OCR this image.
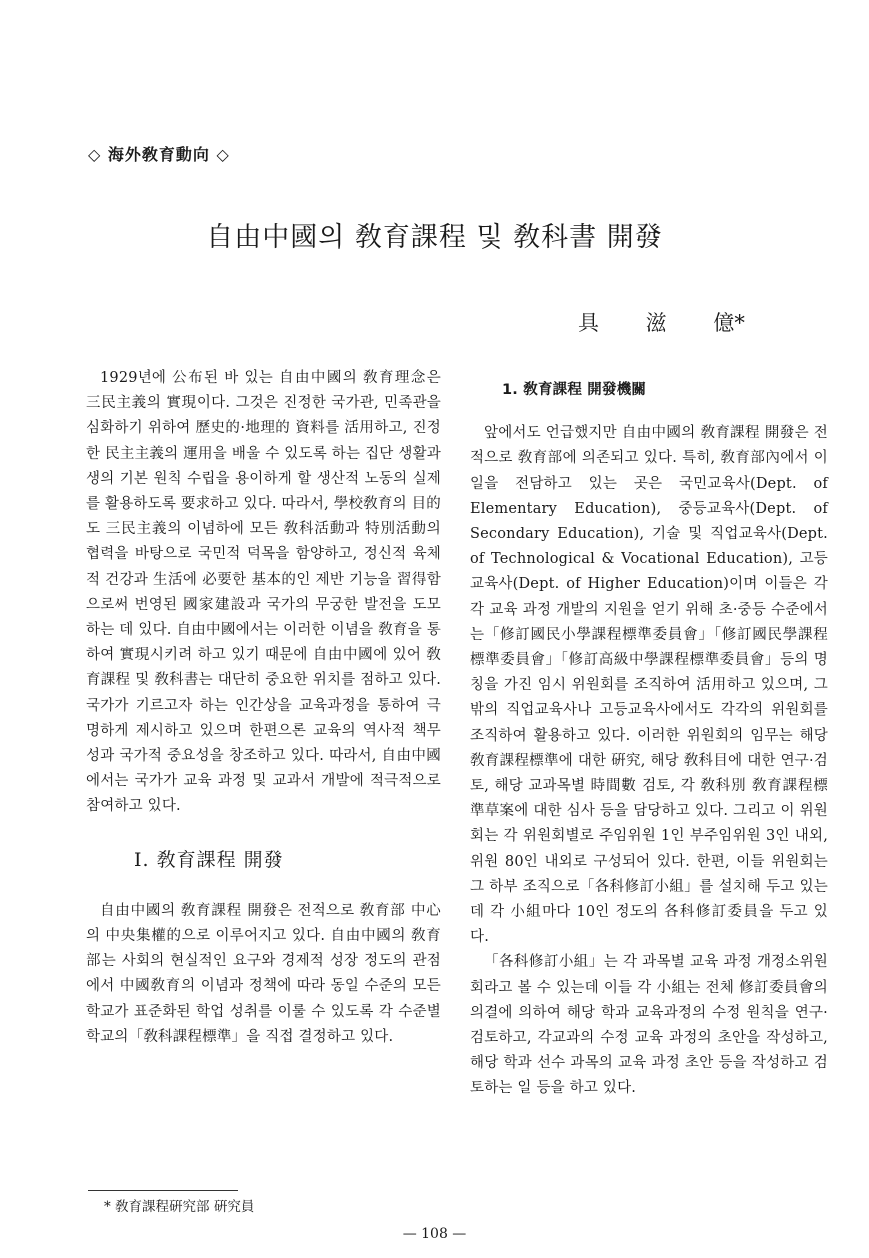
◇ 海外敎育動向 ◇
自由中國의 敎育課程 및 敎科書 開發
具 滋 億*

1929년에 公布된 바 있는 自由中國의 敎育理念은 三民主義의 實現이다. 그것은 진정한 국가관, 민족관을 심화하기 위하여 歷史的·地理的 資料를 活用하고, 진정한 民主主義의 運用을 배울 수 있도록 하는 집단 생활과 생의 기본 원칙 수립을 용이하게 할 생산적 노동의 실제를 활용하도록 要求하고 있다. 따라서, 學校敎育의 目的도 三民主義의 이념하에 모든 敎科活動과 特別活動의 협력을 바탕으로 국민적 덕목을 함양하고, 정신적 육체적 건강과 生活에 必要한 基本的인 제반 기능을 習得함으로써 번영된 國家建設과 국가의 무궁한 발전을 도모하는 데 있다. 自由中國에서는 이러한 이념을 敎育을 통하여 實現시키려 하고 있기 때문에 自由中國에 있어 敎育課程 및 敎科書는 대단히 중요한 위치를 점하고 있다. 국가가 기르고자 하는 인간상을 교육과정을 통하여 극명하게 제시하고 있으며 한편으론 교육의 역사적 책무성과 국가적 중요성을 창조하고 있다. 따라서, 自由中國에서는 국가가 교육 과정 및 교과서 개발에 적극적으로 참여하고 있다.

I. 敎育課程 開發

自由中國의 敎育課程 開發은 전적으로 敎育部 中心의 中央集權的으로 이루어지고 있다. 自由中國의 敎育部는 사회의 현실적인 요구와 경제적 성장 정도의 관점에서 中國敎育의 이념과 정책에 따라 동일 수준의 모든 학교가 표준화된 학업 성취를 이룰 수 있도록 각 수준별 학교의「敎科課程標準」을 직접 결정하고 있다.

1. 敎育課程 開發機關

앞에서도 언급했지만 自由中國의 敎育課程 開發은 전적으로 敎育部에 의존되고 있다. 특히, 敎育部內에서 이 일을 전담하고 있는 곳은 국민교육사(Dept. of Elementary Education), 중등교육사(Dept. of Secondary Education), 기술 및 직업교육사(Dept. of Technological & Vocational Education), 고등교육사(Dept. of Higher Education)이며 이들은 각각 교육 과정 개발의 지원을 얻기 위해 초·중등 수준에서는「修訂國民小學課程標準委員會」「修訂國民學課程標準委員會」「修訂高級中學課程標準委員會」등의 명칭을 가진 임시 위원회를 조직하여 活用하고 있으며, 그 밖의 직업교육사나 고등교육사에서도 각각의 위원회를 조직하여 활용하고 있다. 이러한 위원회의 임무는 해당 敎育課程標準에 대한 硏究, 해당 敎科目에 대한 연구·검토, 해당 교과목별 時間數 검토, 각 敎科別 敎育課程標準草案에 대한 심사 등을 담당하고 있다. 그리고 이 위원회는 각 위원회별로 주임위원 1인 부주임위원 3인 내외, 위원 80인 내외로 구성되어 있다. 한편, 이들 위원회는 그 하부 조직으로「各科修訂小組」를 설치해 두고 있는데 각 小組마다 10인 정도의 各科修訂委員을 두고 있다.

「各科修訂小組」는 각 과목별 교육 과정 개정소위원회라고 볼 수 있는데 이들 각 小組는 전체 修訂委員會의 의결에 의하여 해당 학과 교육과정의 수정 원칙을 연구·검토하고, 각교과의 수정 교육 과정의 초안을 작성하고, 해당 학과 선수 과목의 교육 과정 초안 등을 작성하고 검토하는 일 등을 하고 있다.

* 敎育課程硏究部 硏究員
— 108 —
